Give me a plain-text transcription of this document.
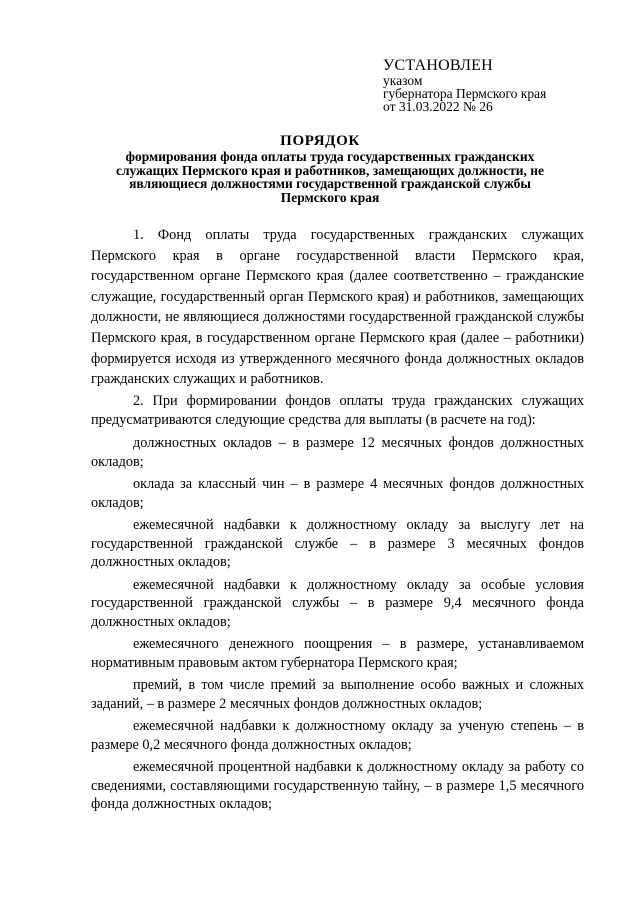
УСТАНОВЛЕН
указом
губернатора Пермского края
от 31.03.2022 № 26
ПОРЯДОК
формирования фонда оплаты труда государственных гражданских служащих Пермского края и работников, замещающих должности, не являющиеся должностями государственной гражданской службы Пермского края

1. Фонд оплаты труда государственных гражданских служащих Пермского края в органе государственной власти Пермского края, государственном органе Пермского края (далее соответственно – гражданские служащие, государственный орган Пермского края) и работников, замещающих должности, не являющиеся должностями государственной гражданской службы Пермского края, в государственном органе Пермского края (далее – работники) формируется исходя из утвержденного месячного фонда должностных окладов гражданских служащих и работников.

2. При формировании фондов оплаты труда гражданских служащих предусматриваются следующие средства для выплаты (в расчете на год):

должностных окладов – в размере 12 месячных фондов должностных окладов;

оклада за классный чин – в размере 4 месячных фондов должностных окладов;

ежемесячной надбавки к должностному окладу за выслугу лет на государственной гражданской службе – в размере 3 месячных фондов должностных окладов;

ежемесячной надбавки к должностному окладу за особые условия государственной гражданской службы – в размере 9,4 месячного фонда должностных окладов;

ежемесячного денежного поощрения – в размере, устанавливаемом нормативным правовым актом губернатора Пермского края;

премий, в том числе премий за выполнение особо важных и сложных заданий, – в размере 2 месячных фондов должностных окладов;

ежемесячной надбавки к должностному окладу за ученую степень – в размере 0,2 месячного фонда должностных окладов;

ежемесячной процентной надбавки к должностному окладу за работу со сведениями, составляющими государственную тайну, – в размере 1,5 месячного фонда должностных окладов;
